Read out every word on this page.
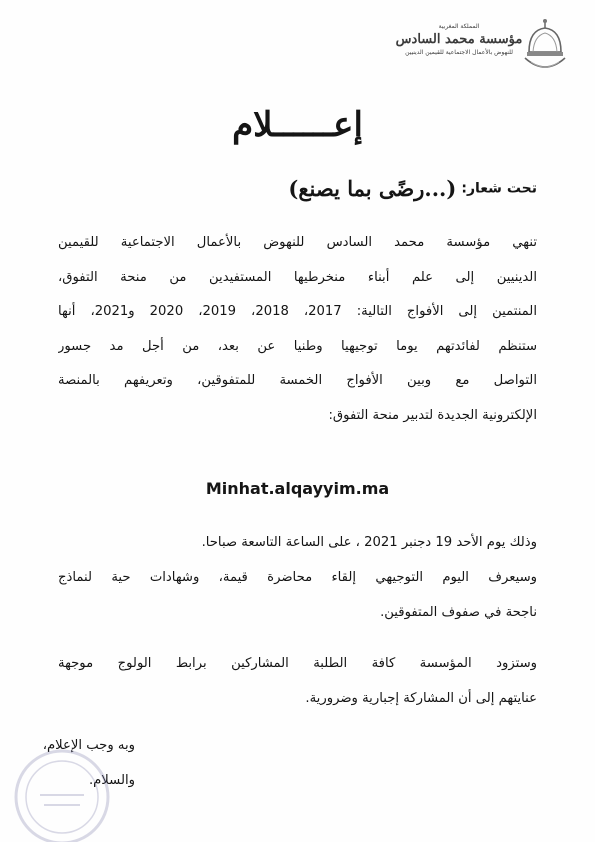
المملكة المغربية
مؤسسة محمد السادس
للنهوض بالأعمال الاجتماعية للقيمين الدينيين
إعــــــلام
تحت شعار: (...رضًى بما يصنع)

تنهي مؤسسة محمد السادس للنهوض بالأعمال الاجتماعية للقيمين

الدينيين إلى علم أبناء منخرطيها المستفيدين من منحة التفوق،

المنتمين إلى الأفواج التالية: 2017، 2018، 2019، 2020 و2021، أنها

ستنظم لفائدتهم يوما توجيهيا وطنيا عن بعد، من أجل مد جسور

التواصل مع وبين الأفواج الخمسة للمتفوقين، وتعريفهم بالمنصة

الإلكترونية الجديدة لتدبير منحة التفوق:

Minhat.alqayyim.ma

وذلك يوم الأحد 19 دجنبر 2021 ، على الساعة التاسعة صباحا.

وسيعرف اليوم التوجيهي إلقاء محاضرة قيمة، وشهادات حية لنماذج

ناجحة في صفوف المتفوقين.

وستزود المؤسسة كافة الطلبة المشاركين برابط الولوج موجهة

عنايتهم إلى أن المشاركة إجبارية وضرورية.

وبه وجب الإعلام،
والسلام.
